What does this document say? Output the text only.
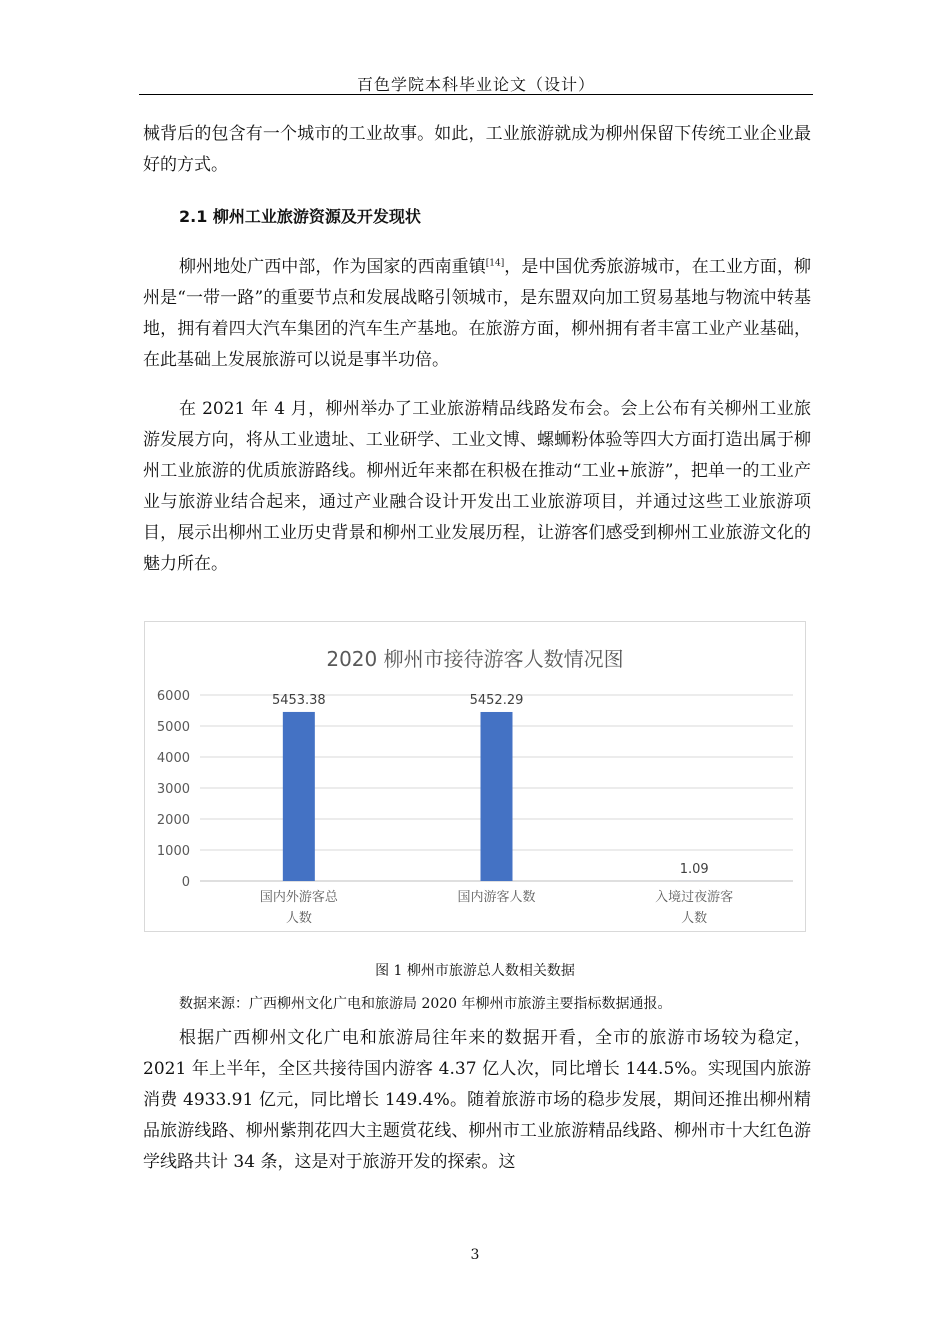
百色学院本科毕业论文（设计）

械背后的包含有一个城市的工业故事。如此，工业旅游就成为柳州保留下传统工业企业最好的方式。

2.1 柳州工业旅游资源及开发现状

柳州地处广西中部，作为国家的西南重镇[14]，是中国优秀旅游城市，在工业方面，柳州是“一带一路”的重要节点和发展战略引领城市，是东盟双向加工贸易基地与物流中转基地，拥有着四大汽车集团的汽车生产基地。在旅游方面，柳州拥有者丰富工业产业基础，在此基础上发展旅游可以说是事半功倍。

在 2021 年 4 月，柳州举办了工业旅游精品线路发布会。会上公布有关柳州工业旅游发展方向，将从工业遗址、工业研学、工业文博、螺蛳粉体验等四大方面打造出属于柳州工业旅游的优质旅游路线。柳州近年来都在积极在推动“工业+旅游”，把单一的工业产业与旅游业结合起来，通过产业融合设计开发出工业旅游项目，并通过这些工业旅游项目，展示出柳州工业历史背景和柳州工业发展历程，让游客们感受到柳州工业旅游文化的魅力所在。

2020 柳州市接待游客人数情况图
0
1000
2000
3000
4000
5000
6000	5453.38
国内外游客总
人数
5452.29
国内游客人数
1.09
入境过夜游客
人数
图 1 柳州市旅游总人数相关数据
数据来源：广西柳州文化广电和旅游局 2020 年柳州市旅游主要指标数据通报。

根据广西柳州文化广电和旅游局往年来的数据开看，全市的旅游市场较为稳定，2021 年上半年，全区共接待国内游客 4.37 亿人次，同比增长 144.5%。实现国内旅游消费 4933.91 亿元，同比增长 149.4%。随着旅游市场的稳步发展，期间还推出柳州精品旅游线路、柳州紫荆花四大主题赏花线、柳州市工业旅游精品线路、柳州市十大红色游学线路共计 34 条，这是对于旅游开发的探索。这

3
